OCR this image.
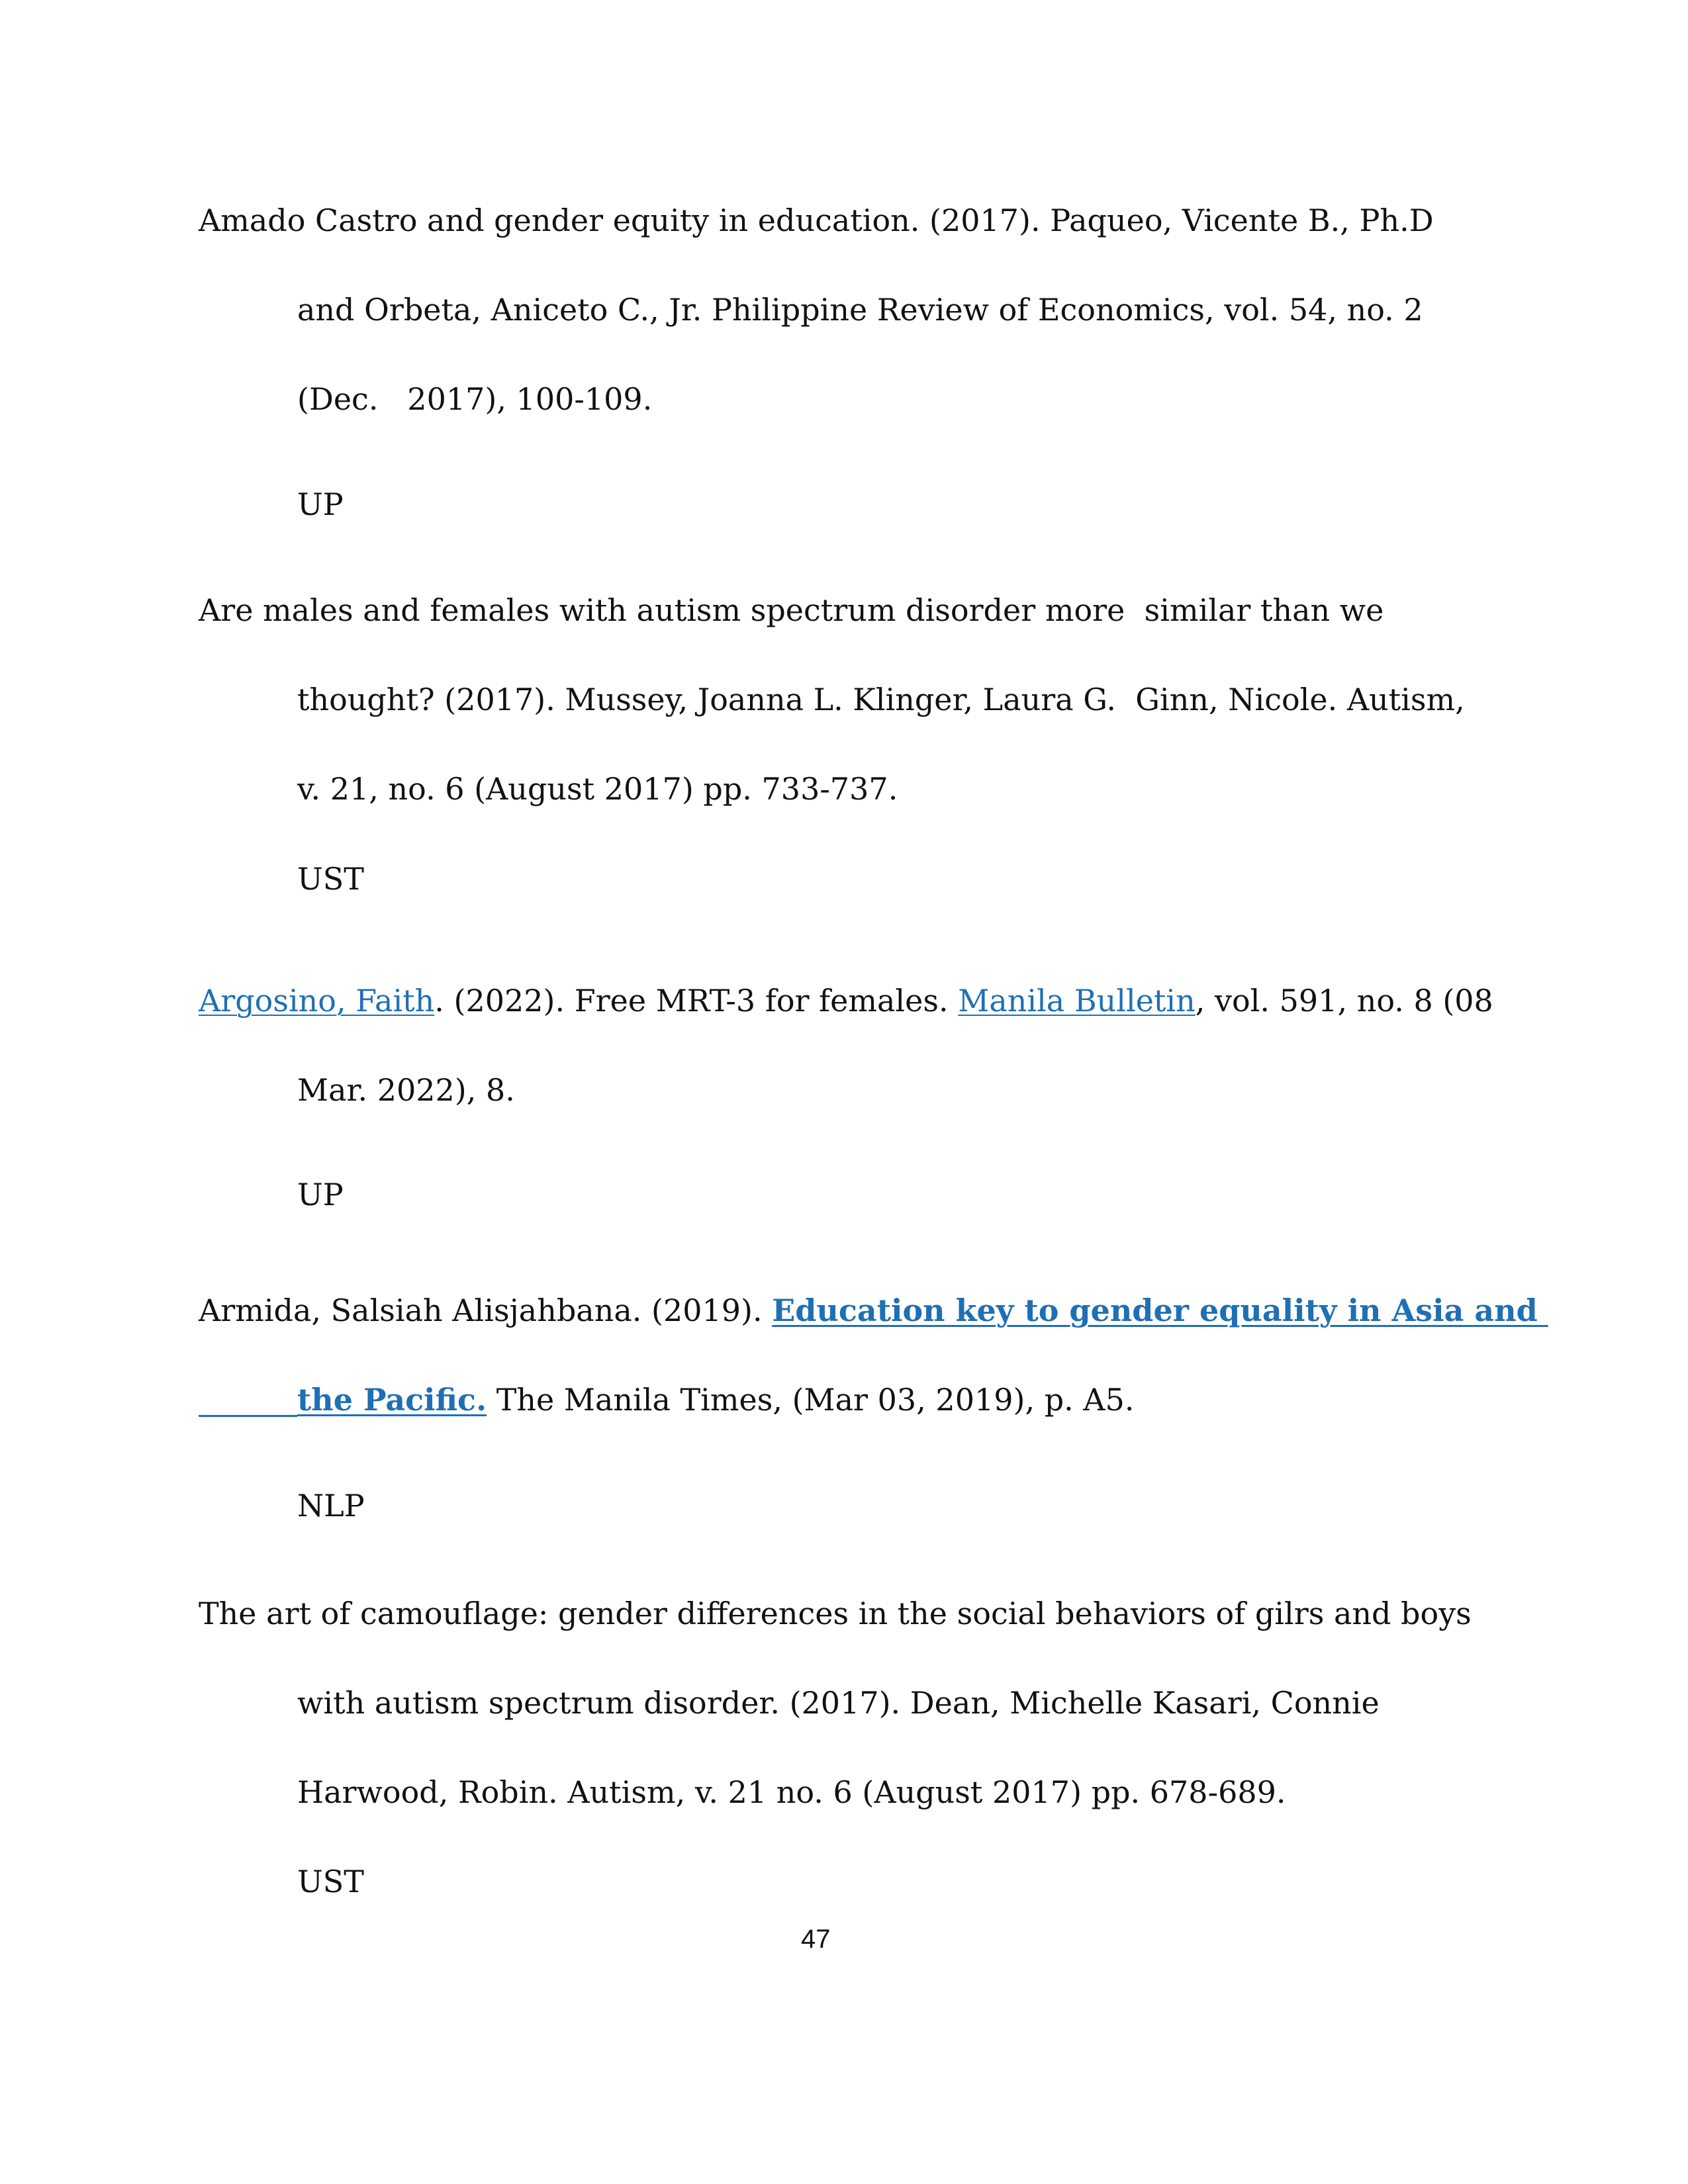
Amado Castro and gender equity in education. (2017). Paqueo, Vicente B., Ph.D
and Orbeta, Aniceto C., Jr. Philippine Review of Economics, vol. 54, no. 2
(Dec.   2017), 100-109.
UP
Are males and females with autism spectrum disorder more  similar than we
thought? (2017). Mussey, Joanna L. Klinger, Laura G.  Ginn, Nicole. Autism,
v. 21, no. 6 (August 2017) pp. 733-737.
UST
Argosino, Faith. (2022). Free MRT-3 for females. Manila Bulletin, vol. 591, no. 8 (08
Mar. 2022), 8.
UP
Armida, Salsiah Alisjahbana. (2019). Education key to gender equality in Asia and
the Pacific. The Manila Times, (Mar 03, 2019), p. A5.
NLP
The art of camouflage: gender differences in the social behaviors of gilrs and boys
with autism spectrum disorder. (2017). Dean, Michelle Kasari, Connie
Harwood, Robin. Autism, v. 21 no. 6 (August 2017) pp. 678-689.
UST
47
